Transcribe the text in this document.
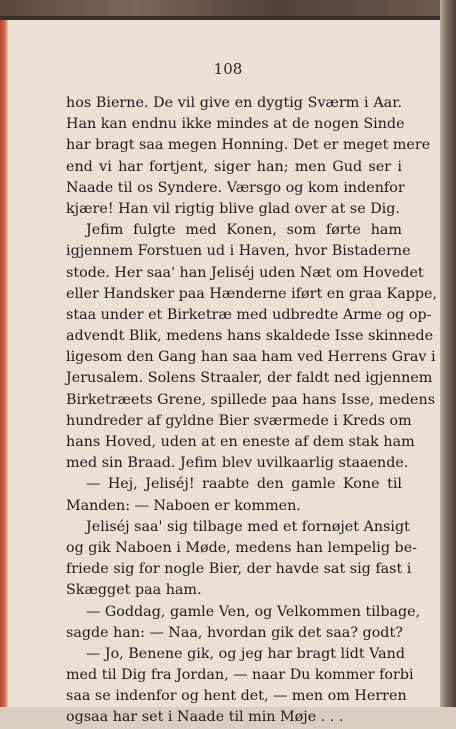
108
hos Bierne. De vil give en dygtig Sværm i Aar.
Han kan endnu ikke mindes at de nogen Sinde
har bragt saa megen Honning. Det er meget mere
end vi har fortjent, siger han; men Gud ser i
Naade til os Syndere. Værsgo og kom indenfor
kjære! Han vil rigtig blive glad over at se Dig.
Jefim fulgte med Konen, som førte ham
igjennem Forstuen ud i Haven, hvor Bistaderne
stode. Her saa' han Jeliséj uden Næt om Hovedet
eller Handsker paa Hænderne iført en graa Kappe,
staa under et Birketræ med udbredte Arme og op-
advendt Blik, medens hans skaldede Isse skinnede
ligesom den Gang han saa ham ved Herrens Grav i
Jerusalem. Solens Straaler, der faldt ned igjennem
Birketræets Grene, spillede paa hans Isse, medens
hundreder af gyldne Bier sværmede i Kreds om
hans Hoved, uden at en eneste af dem stak ham
med sin Braad. Jefim blev uvilkaarlig staaende.
— Hej, Jeliséj! raabte den gamle Kone til
Manden: — Naboen er kommen.
Jeliséj saa' sig tilbage med et fornøjet Ansigt
og gik Naboen i Møde, medens han lempelig be-
friede sig for nogle Bier, der havde sat sig fast i
Skægget paa ham.
— Goddag, gamle Ven, og Velkommen tilbage,
sagde han: — Naa, hvordan gik det saa? godt?
— Jo, Benene gik, og jeg har bragt lidt Vand
med til Dig fra Jordan, — naar Du kommer forbi
saa se indenfor og hent det, — men om Herren
ogsaa har set i Naade til min Møje . . .
